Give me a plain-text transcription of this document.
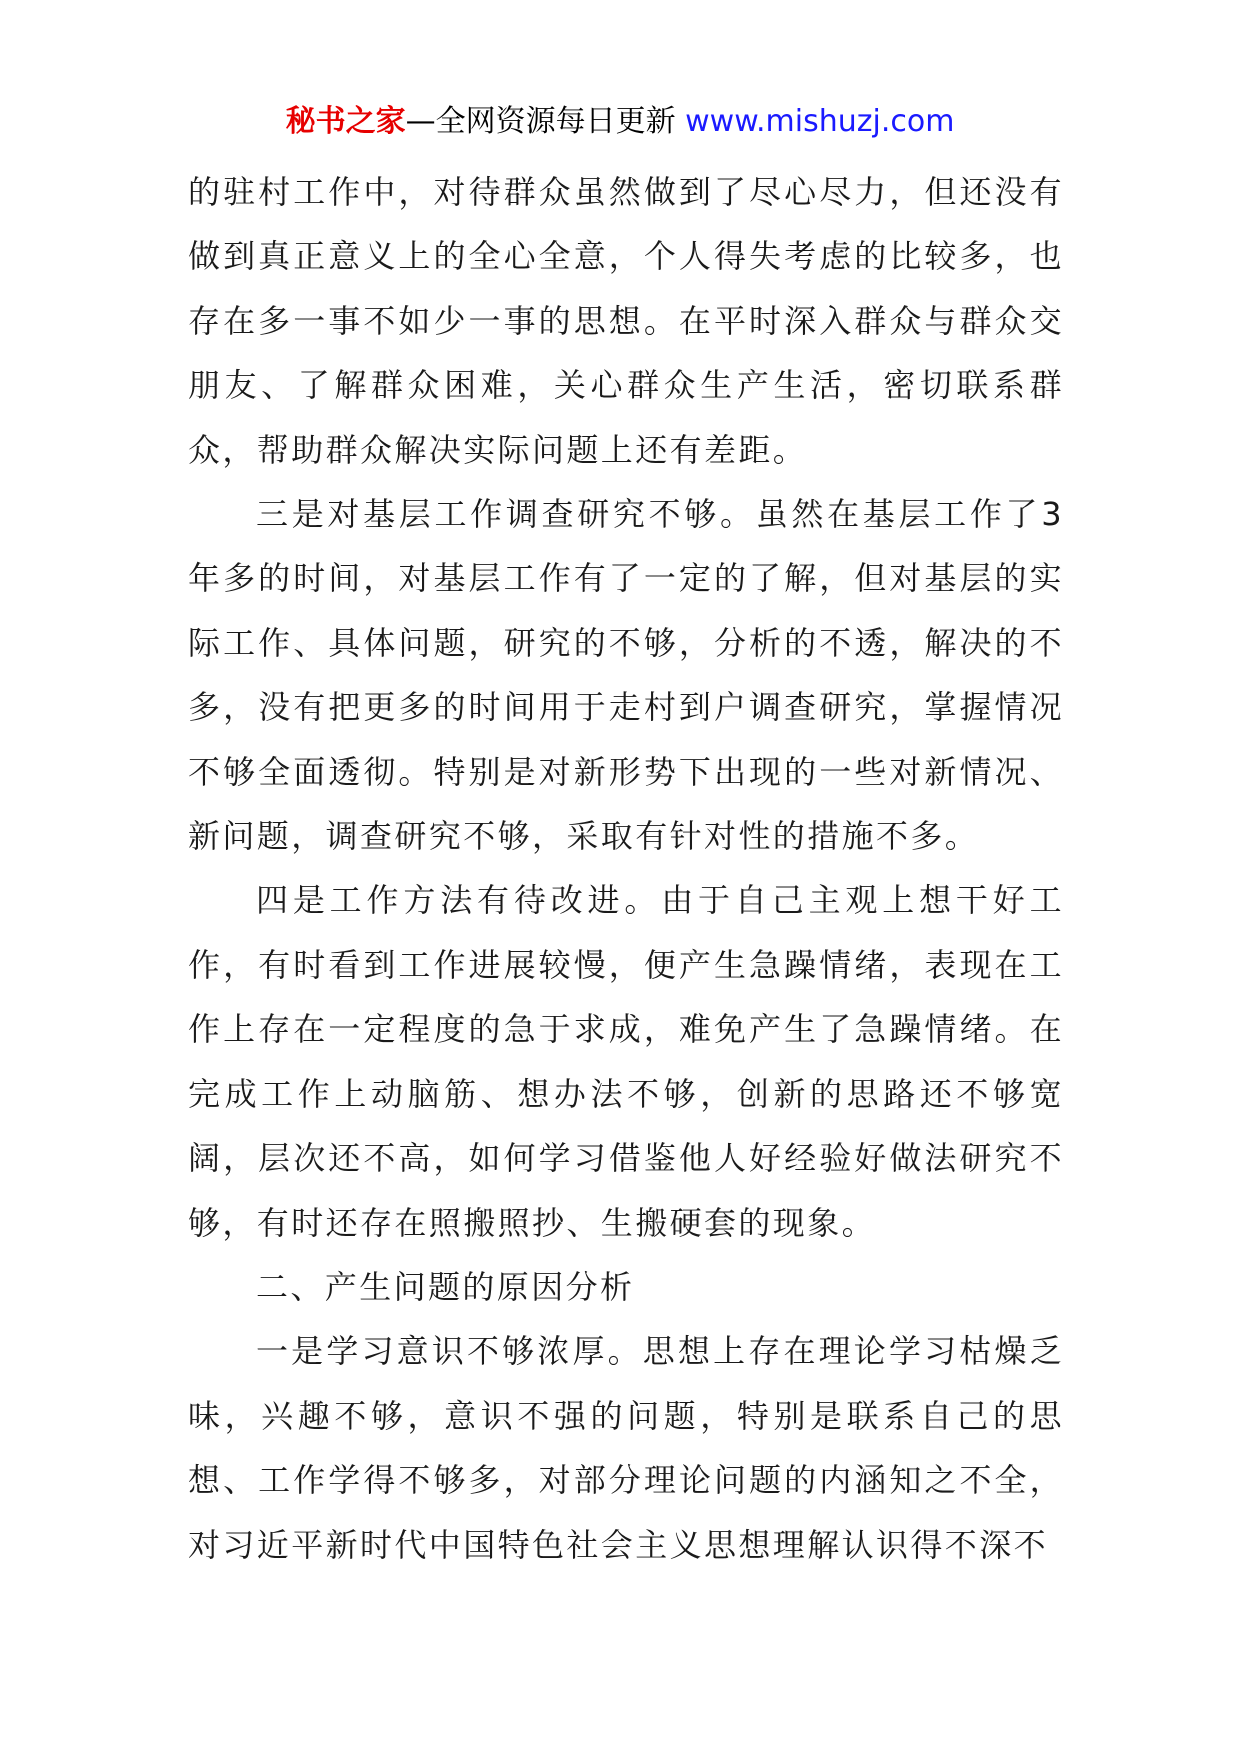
秘书之家—全网资源每日更新 www.mishuzj.com

的驻村工作中，对待群众虽然做到了尽心尽力，但还没有做到真正意义上的全心全意，个人得失考虑的比较多，也存在多一事不如少一事的思想。在平时深入群众与群众交朋友、了解群众困难，关心群众生产生活，密切联系群众，帮助群众解决实际问题上还有差距。

三是对基层工作调查研究不够。虽然在基层工作了3年多的时间，对基层工作有了一定的了解，但对基层的实际工作、具体问题，研究的不够，分析的不透，解决的不多，没有把更多的时间用于走村到户调查研究，掌握情况不够全面透彻。特别是对新形势下出现的一些对新情况、新问题，调查研究不够，采取有针对性的措施不多。

四是工作方法有待改进。由于自己主观上想干好工作，有时看到工作进展较慢，便产生急躁情绪，表现在工作上存在一定程度的急于求成，难免产生了急躁情绪。在完成工作上动脑筋、想办法不够，创新的思路还不够宽阔，层次还不高，如何学习借鉴他人好经验好做法研究不够，有时还存在照搬照抄、生搬硬套的现象。

二、产生问题的原因分析

一是学习意识不够浓厚。思想上存在理论学习枯燥乏味，兴趣不够，意识不强的问题，特别是联系自己的思想、工作学得不够多，对部分理论问题的内涵知之不全，对习近平新时代中国特色社会主义思想理解认识得不深不
